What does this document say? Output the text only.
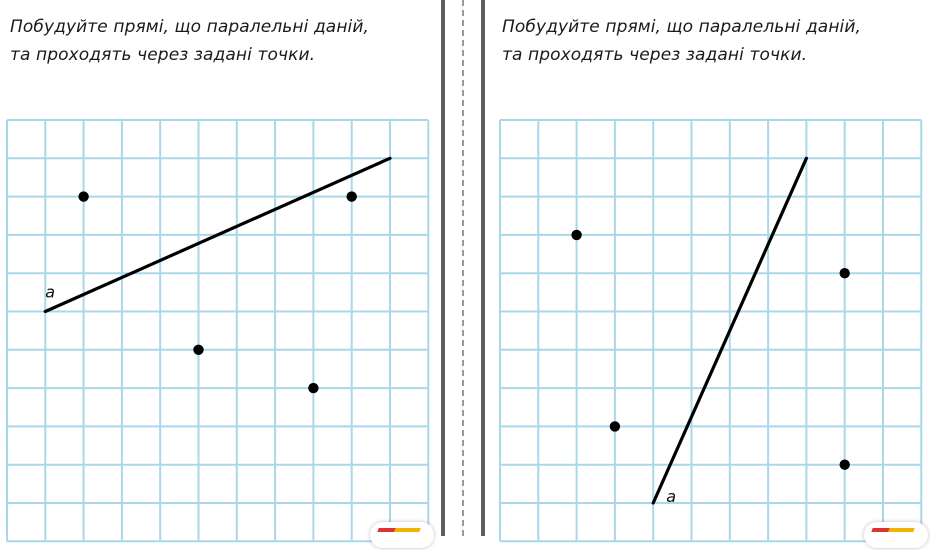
Побудуйте прямі, що паралельні даній,
та проходять через задані точки.
a
Побудуйте прямі, що паралельні даній,
та проходять через задані точки.
a
